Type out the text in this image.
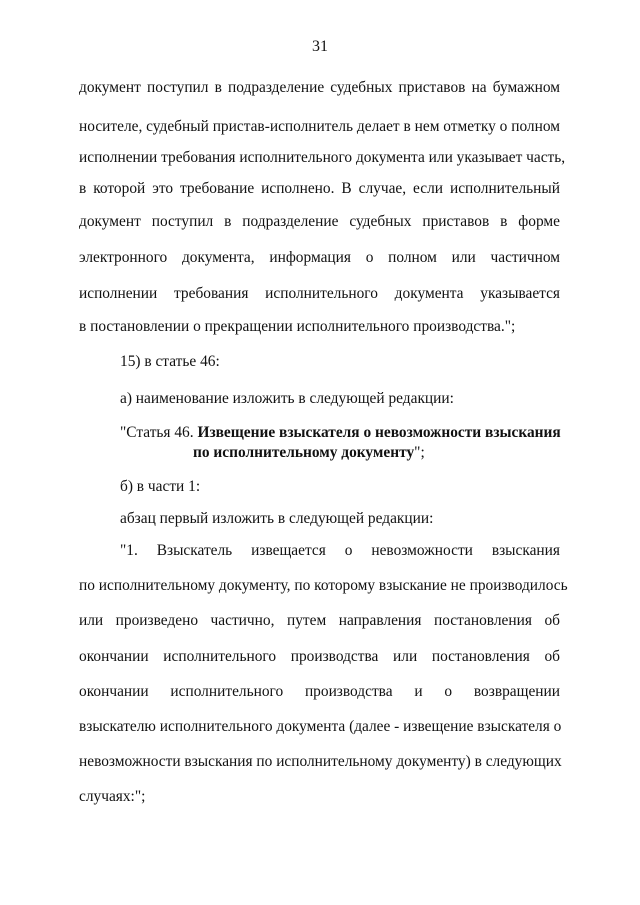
31
документ поступил в подразделение судебных приставов на бумажном
носителе, судебный пристав-исполнитель делает в нем отметку о полном
исполнении требования исполнительного документа или указывает часть,
в которой это требование исполнено. В случае, если исполнительный
документ поступил в подразделение судебных приставов в форме
электронного документа, информация о полном или частичном
исполнении требования исполнительного документа указывается
в постановлении о прекращении исполнительного производства.";
15) в статье 46:
а) наименование изложить в следующей редакции:
"Статья 46. Извещение взыскателя о невозможности взыскания
по исполнительному документу";
б) в части 1:
абзац первый изложить в следующей редакции:
"1. Взыскатель извещается о невозможности взыскания
по исполнительному документу, по которому взыскание не производилось
или произведено частично, путем направления постановления об
окончании исполнительного производства или постановления об
окончании исполнительного производства и о возвращении
взыскателю исполнительного документа (далее - извещение взыскателя о
невозможности взыскания по исполнительному документу) в следующих
случаях:";
